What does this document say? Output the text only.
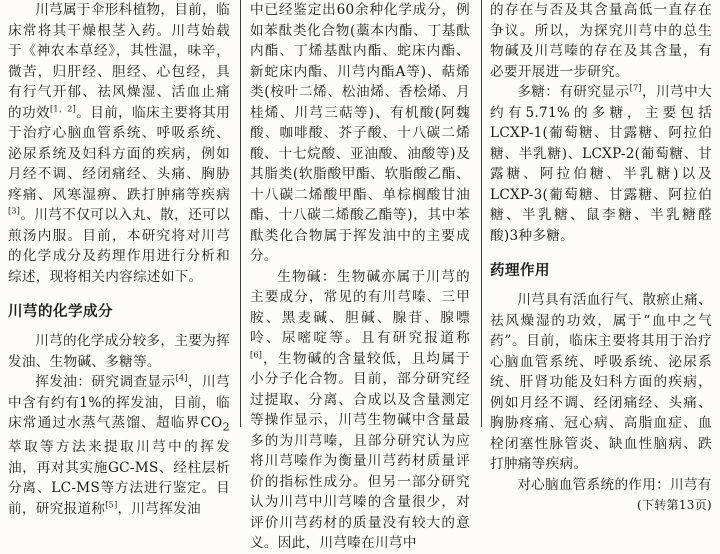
川芎属于伞形科植物，目前，临床常将其干燥根茎入药。川芎始载于《神农本草经》，其性温，味辛，微苦，归肝经、胆经、心包经，具有行气开郁、祛风燥湿、活血止痛的功效[1，2]。目前，临床主要将其用于治疗心脑血管系统、呼吸系统、泌尿系统及妇科方面的疾病，例如月经不调、经闭痛经、头痛、胸胁疼痛、风寒湿痹、跌打肿痛等疾病[3]。川芎不仅可以入丸、散，还可以煎汤内服。目前，本研究将对川芎的化学成分及药理作用进行分析和综述，现将相关内容综述如下。

川芎的化学成分

川芎的化学成分较多，主要为挥发油、生物碱、多糖等。

挥发油：研究调查显示[4]，川芎中含有约有1%的挥发油，目前，临床常通过水蒸气蒸馏、超临界$CO_2$萃取等方法来提取川芎中的挥发油，再对其实施GC-MS、经柱层析分离、LC-MS等方法进行鉴定。目前，研究报道称[5]，川芎挥发油

中已经鉴定出60余种化学成分，例如苯酞类化合物(藁本内酯、丁基酞内酯、丁烯基酞内酯、蛇床内酯、新蛇床内酯、川芎内酯A等)、萜烯类(桉叶二烯、松油烯、香桧烯、月桂烯、川芎三萜等)、有机酸(阿魏酸、咖啡酸、芥子酸、十八碳二烯酸、十七烷酸、亚油酸、油酸等)及其脂类(软脂酸甲酯、软脂酸乙酯、十八碳二烯酸甲酯、单棕榈酸甘油酯、十八碳二烯酸乙酯等)，其中苯酞类化合物属于挥发油中的主要成分。

生物碱：生物碱亦属于川芎的主要成分，常见的有川芎嗪、三甲胺、黑麦碱、胆碱、腺苷、腺嘌呤、尿嘧啶等。且有研究报道称[6]，生物碱的含量较低，且均属于小分子化合物。目前，部分研究经过提取、分离、合成以及含量测定等操作显示，川芎生物碱中含量最多的为川芎嗪，且部分研究认为应将川芎嗪作为衡量川芎药材质量评价的指标性成分。但另一部分研究认为川芎中川芎嗪的含量很少，对评价川芎药材的质量没有较大的意义。因此，川芎嗪在川芎中

的存在与否及其含量高低一直存在争议。所以，为探究川芎中的总生物碱及川芎嗪的存在及其含量，有必要开展进一步研究。

多糖：有研究显示[7]，川芎中大约有5.71%的多糖，主要包括LCXP-1(葡萄糖、甘露糖、阿拉伯糖、半乳糖)、LCXP-2(葡萄糖、甘露糖、阿拉伯糖、半乳糖)以及LCXP-3(葡萄糖、甘露糖、阿拉伯糖、半乳糖、鼠李糖、半乳糖醛酸)3种多糖。

药理作用

川芎具有活血行气、散瘀止痛、祛风燥湿的功效，属于“血中之气药”。目前，临床主要将其用于治疗心脑血管系统、呼吸系统、泌尿系统、肝肾功能及妇科方面的疾病，例如月经不调、经闭痛经、头痛、胸胁疼痛、冠心病、高脂血症、血栓闭塞性脉管炎、缺血性脑病、跌打肿痛等疾病。

对心脑血管系统的作用：川芎有

(下转第13页)
